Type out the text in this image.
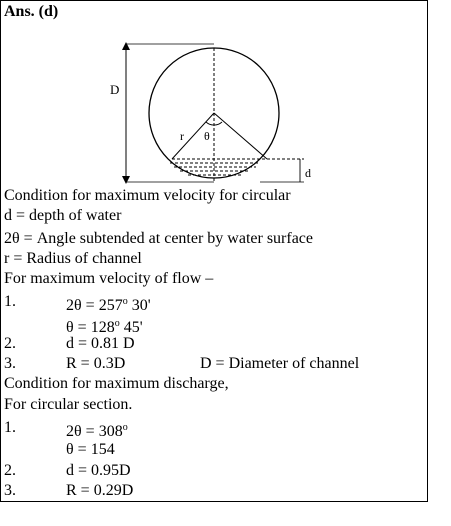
Ans. (d)
D
r θ
d
Condition for maximum velocity for circular
d = depth of water
2θ = Angle subtended at center by water surface
r = Radius of channel
For maximum velocity of flow –
1.	$2\theta = 257^o$ 30'
$\theta = 128^o$ 45'
2.	d = 0.81 D
3.	R = 0.3D	D = Diameter of channel
Condition for maximum discharge,
For circular section.
1.	$2\theta = 308^o$
θ = 154
2.	d = 0.95D
3.	R = 0.29D
